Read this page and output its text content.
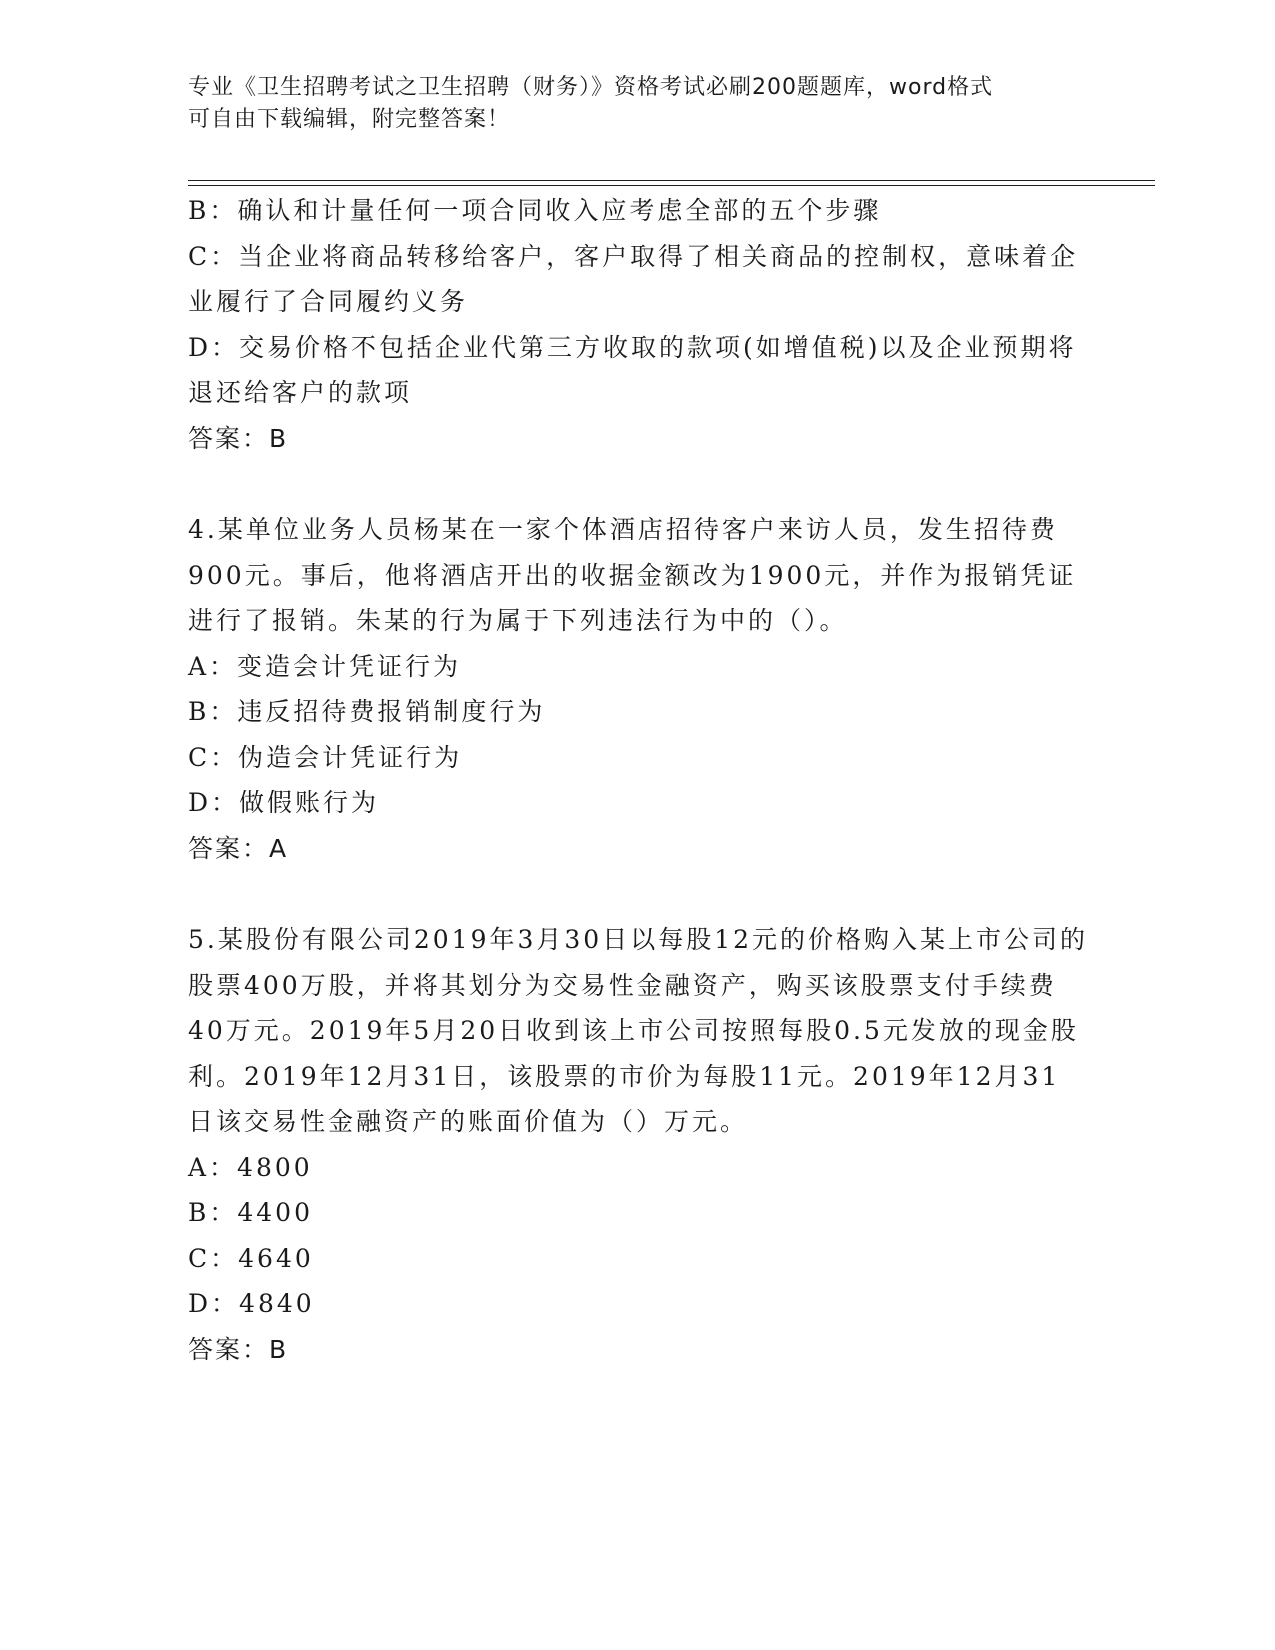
专业《卫生招聘考试之卫生招聘（财务）》资格考试必刷200题题库，word格式
可自由下载编辑，附完整答案！

B：确认和计量任何一项合同收入应考虑全部的五个步骤

C：当企业将商品转移给客户，客户取得了相关商品的控制权，意味着企业履行了合同履约义务

D：交易价格不包括企业代第三方收取的款项(如增值税)以及企业预期将退还给客户的款项

答案：B

4.某单位业务人员杨某在一家个体酒店招待客户来访人员，发生招待费900元。事后，他将酒店开出的收据金额改为1900元，并作为报销凭证进行了报销。朱某的行为属于下列违法行为中的（）。

A：变造会计凭证行为

B：违反招待费报销制度行为

C：伪造会计凭证行为

D：做假账行为

答案：A

5.某股份有限公司2019年3月30日以每股12元的价格购入某上市公司的股票400万股，并将其划分为交易性金融资产，购买该股票支付手续费40万元。2019年5月20日收到该上市公司按照每股0.5元发放的现金股利。2019年12月31日，该股票的市价为每股11元。2019年12月31日该交易性金融资产的账面价值为（）万元。

A：4800

B：4400

C：4640

D：4840

答案：B
